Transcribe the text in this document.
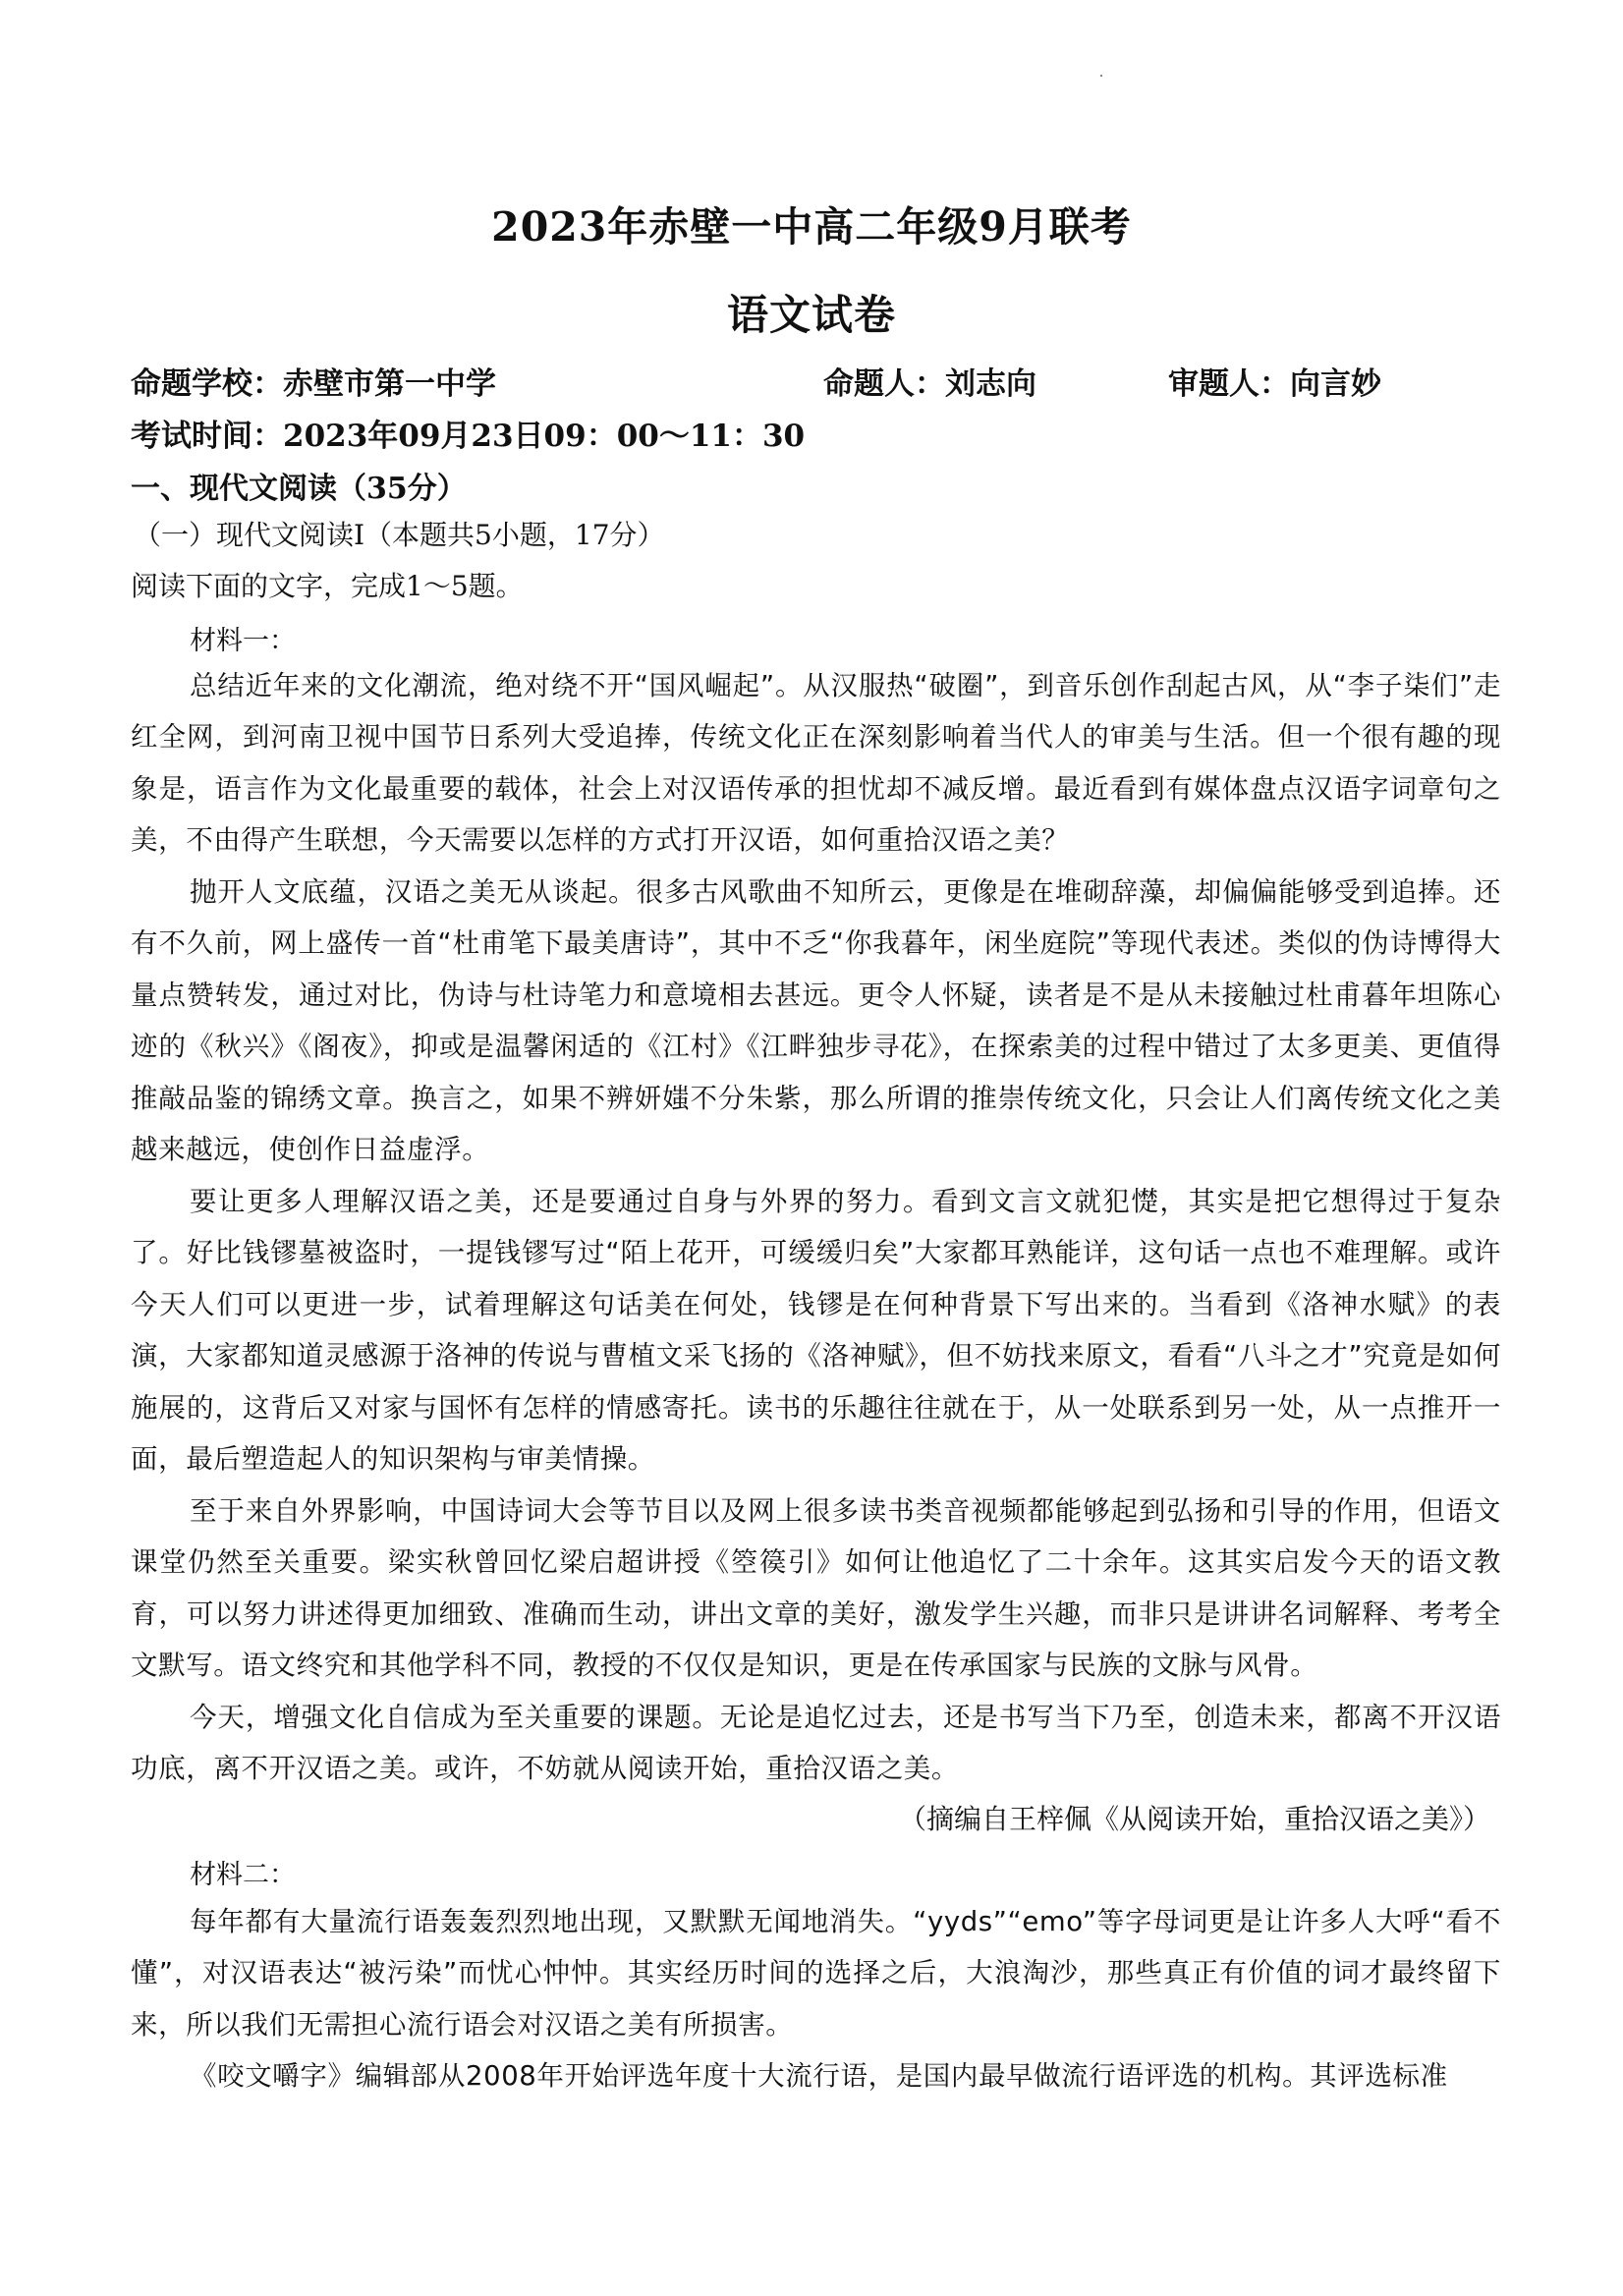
2023年赤壁一中高二年级9月联考
语文试卷
命题学校：赤壁市第一中学	命题人：刘志向	审题人：向言妙
考试时间：2023年09月23日09：00～11：30
一、现代文阅读（35分）
（一）现代文阅读Ⅰ（本题共5小题，17分）
阅读下面的文字，完成1～5题。
材料一：
总结近年来的文化潮流，绝对绕不开“国风崛起”。从汉服热“破圈”，到音乐创作刮起古风，从“李子柒们”走红全网，到河南卫视中国节日系列大受追捧，传统文化正在深刻影响着当代人的审美与生活。但一个很有趣的现象是，语言作为文化最重要的载体，社会上对汉语传承的担忧却不减反增。最近看到有媒体盘点汉语字词章句之美，不由得产生联想，今天需要以怎样的方式打开汉语，如何重拾汉语之美？
抛开人文底蕴，汉语之美无从谈起。很多古风歌曲不知所云，更像是在堆砌辞藻，却偏偏能够受到追捧。还有不久前，网上盛传一首“杜甫笔下最美唐诗”，其中不乏“你我暮年，闲坐庭院”等现代表述。类似的伪诗博得大量点赞转发，通过对比，伪诗与杜诗笔力和意境相去甚远。更令人怀疑，读者是不是从未接触过杜甫暮年坦陈心迹的《秋兴》《阁夜》，抑或是温馨闲适的《江村》《江畔独步寻花》，在探索美的过程中错过了太多更美、更值得推敲品鉴的锦绣文章。换言之，如果不辨妍媸不分朱紫，那么所谓的推崇传统文化，只会让人们离传统文化之美越来越远，使创作日益虚浮。
要让更多人理解汉语之美，还是要通过自身与外界的努力。看到文言文就犯憷，其实是把它想得过于复杂了。好比钱镠墓被盗时，一提钱镠写过“陌上花开，可缓缓归矣”大家都耳熟能详，这句话一点也不难理解。或许今天人们可以更进一步，试着理解这句话美在何处，钱镠是在何种背景下写出来的。当看到《洛神水赋》的表演，大家都知道灵感源于洛神的传说与曹植文采飞扬的《洛神赋》，但不妨找来原文，看看“八斗之才”究竟是如何施展的，这背后又对家与国怀有怎样的情感寄托。读书的乐趣往往就在于，从一处联系到另一处，从一点推开一面，最后塑造起人的知识架构与审美情操。
至于来自外界影响，中国诗词大会等节目以及网上很多读书类音视频都能够起到弘扬和引导的作用，但语文课堂仍然至关重要。梁实秋曾回忆梁启超讲授《箜篌引》如何让他追忆了二十余年。这其实启发今天的语文教育，可以努力讲述得更加细致、准确而生动，讲出文章的美好，激发学生兴趣，而非只是讲讲名词解释、考考全文默写。语文终究和其他学科不同，教授的不仅仅是知识，更是在传承国家与民族的文脉与风骨。
今天，增强文化自信成为至关重要的课题。无论是追忆过去，还是书写当下乃至，创造未来，都离不开汉语功底，离不开汉语之美。或许，不妨就从阅读开始，重拾汉语之美。
（摘编自王梓佩《从阅读开始，重拾汉语之美》）
材料二：
每年都有大量流行语轰轰烈烈地出现，又默默无闻地消失。“yyds”“emo”等字母词更是让许多人大呼“看不懂”，对汉语表达“被污染”而忧心忡忡。其实经历时间的选择之后，大浪淘沙，那些真正有价值的词才最终留下来，所以我们无需担心流行语会对汉语之美有所损害。
《咬文嚼字》编辑部从2008年开始评选年度十大流行语，是国内最早做流行语评选的机构。其评选标准
